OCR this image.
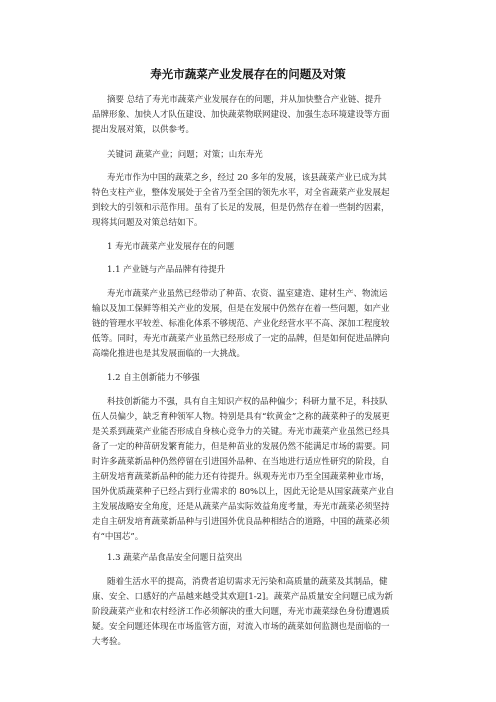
寿光市蔬菜产业发展存在的问题及对策
摘要 总结了寿光市蔬菜产业发展存在的问题，并从加快整合产业链、提升
品牌形象、加快人才队伍建设、加快蔬菜物联网建设、加强生态环境建设等方面
提出发展对策，以供参考。
关键词 蔬菜产业；问题；对策；山东寿光
寿光市作为中国的蔬菜之乡，经过 20 多年的发展，该县蔬菜产业已成为其
特色支柱产业，整体发展处于全省乃至全国的领先水平，对全省蔬菜产业发展起
到较大的引领和示范作用。虽有了长足的发展，但是仍然存在着一些制约因素，
现将其问题及对策总结如下。
1 寿光市蔬菜产业发展存在的问题
1.1 产业链与产品品牌有待提升
寿光市蔬菜产业虽然已经带动了种苗、农资、温室建造、建材生产、物流运
输以及加工保鲜等相关产业的发展，但是在发展中仍然存在着一些问题，如产业
链的管理水平较差、标准化体系不够规范、产业化经营水平不高、深加工程度较
低等。同时，寿光市蔬菜产业虽然已经形成了一定的品牌，但是如何促进品牌向
高端化推进也是其发展面临的一大挑战。
1.2 自主创新能力不够强
科技创新能力不强，具有自主知识产权的品种偏少；科研力量不足，科技队
伍人员偏少，缺乏育种领军人物。特别是具有“软黄金”之称的蔬菜种子的发展更
是关系到蔬菜产业能否形成自身核心竞争力的关键。寿光市蔬菜产业虽然已经具
备了一定的种苗研发繁育能力，但是种苗业的发展仍然不能满足市场的需要。同
时许多蔬菜新品种仍然停留在引进国外品种、在当地进行适应性研究的阶段，自
主研发培育蔬菜新品种的能力还有待提升。纵观寿光市乃至全国蔬菜种业市场，
国外优质蔬菜种子已经占到行业需求的 80%以上，因此无论是从国家蔬菜产业自
主发展战略安全角度，还是从蔬菜产品实际效益角度考量，寿光市蔬菜必须坚持
走自主研发培育蔬菜新品种与引进国外优良品种相结合的道路，中国的蔬菜必须
有“中国芯”。
1.3 蔬菜产品食品安全问题日益突出
随着生活水平的提高，消费者追切需求无污染和高质量的蔬菜及其制品，健
康、安全、口感好的产品越来越受其欢迎[1-2]。蔬菜产品质量安全问题已成为新
阶段蔬菜产业和农村经济工作必须解决的重大问题，寿光市蔬菜绿色身份遭遇质
疑。安全问题还体现在市场监管方面，对流入市场的蔬菜如何监测也是面临的一
大考验。
